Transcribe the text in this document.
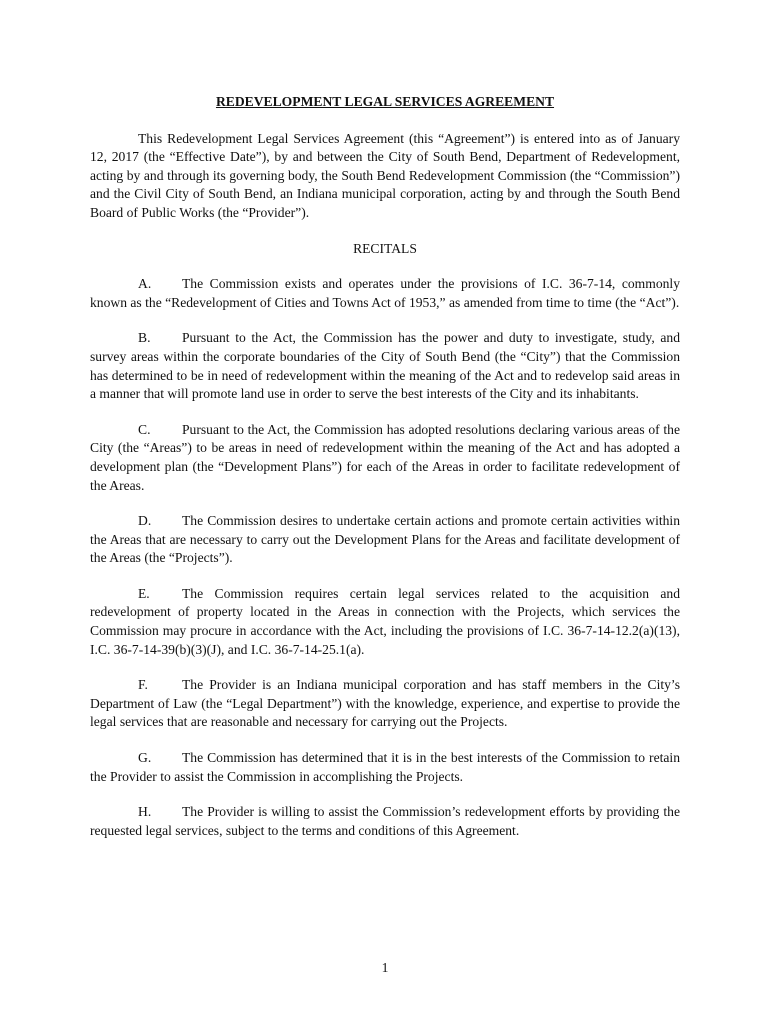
REDEVELOPMENT LEGAL SERVICES AGREEMENT

This Redevelopment Legal Services Agreement (this “Agreement”) is entered into as of January 12, 2017 (the “Effective Date”), by and between the City of South Bend, Department of Redevelopment, acting by and through its governing body, the South Bend Redevelopment Commission (the “Commission”) and the Civil City of South Bend, an Indiana municipal corporation, acting by and through the South Bend Board of Public Works (the “Provider”).

RECITALS

A. The Commission exists and operates under the provisions of I.C. 36-7-14, commonly known as the “Redevelopment of Cities and Towns Act of 1953,” as amended from time to time (the “Act”).

B. Pursuant to the Act, the Commission has the power and duty to investigate, study, and survey areas within the corporate boundaries of the City of South Bend (the “City”) that the Commission has determined to be in need of redevelopment within the meaning of the Act and to redevelop said areas in a manner that will promote land use in order to serve the best interests of the City and its inhabitants.

C. Pursuant to the Act, the Commission has adopted resolutions declaring various areas of the City (the “Areas”) to be areas in need of redevelopment within the meaning of the Act and has adopted a development plan (the “Development Plans”) for each of the Areas in order to facilitate redevelopment of the Areas.

D. The Commission desires to undertake certain actions and promote certain activities within the Areas that are necessary to carry out the Development Plans for the Areas and facilitate development of the Areas (the “Projects”).

E. The Commission requires certain legal services related to the acquisition and redevelopment of property located in the Areas in connection with the Projects, which services the Commission may procure in accordance with the Act, including the provisions of I.C. 36-7-14-12.2(a)(13), I.C. 36-7-14-39(b)(3)(J), and I.C. 36-7-14-25.1(a).

F.	The Provider is an Indiana municipal corporation and has staff members in the City’s Department of Law (the “Legal Department”) with the knowledge, experience, and expertise to provide the legal services that are reasonable and necessary for carrying out the Projects.

G. The Commission has determined that it is in the best interests of the Commission to retain the Provider to assist the Commission in accomplishing the Projects.

H. The Provider is willing to assist the Commission’s redevelopment efforts by providing the requested legal services, subject to the terms and conditions of this Agreement.

1
